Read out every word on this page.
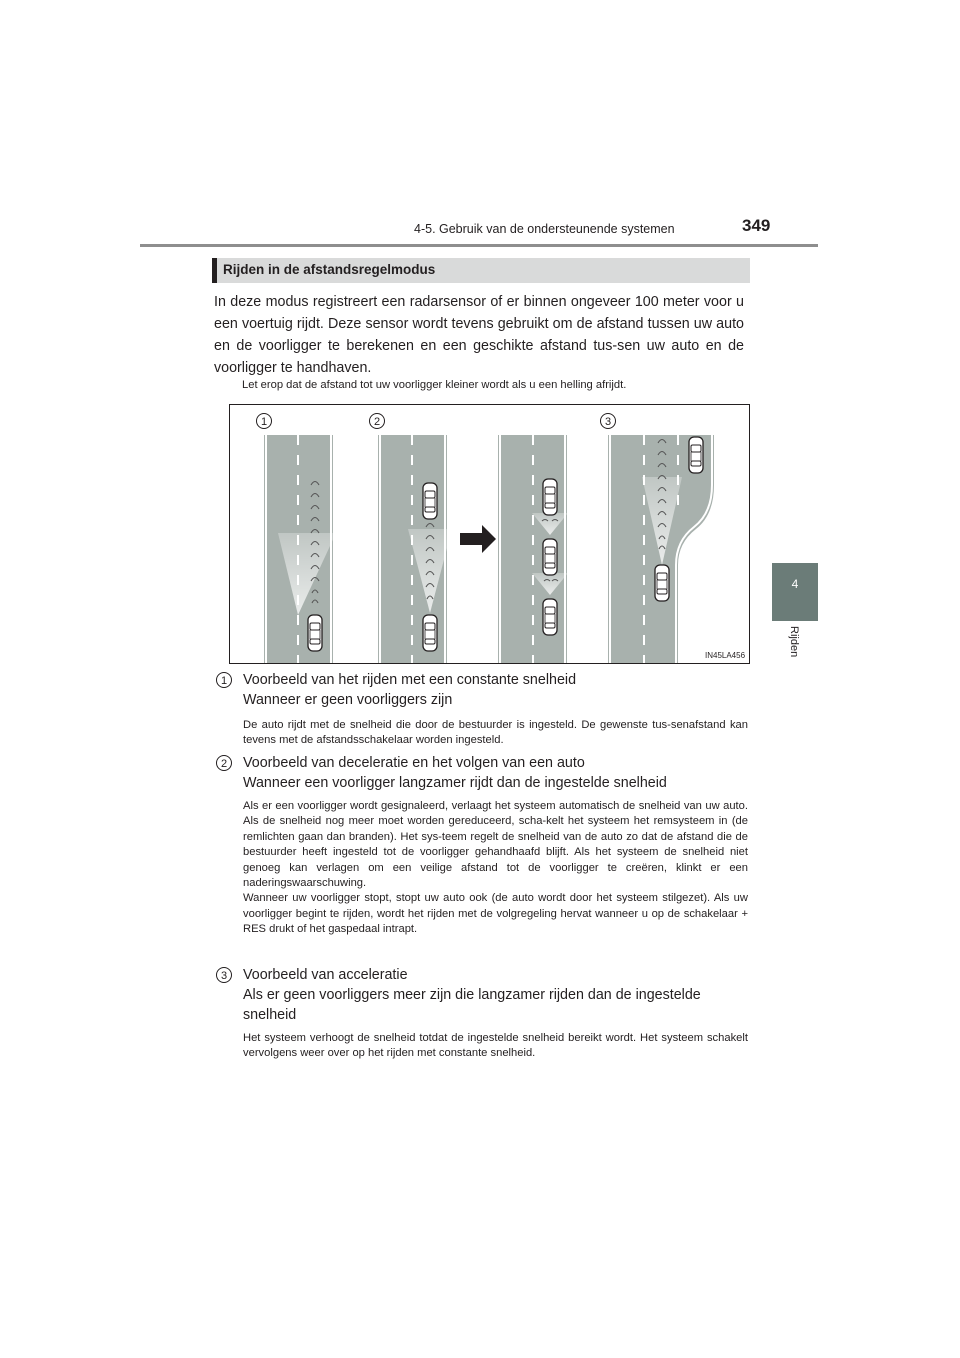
4-5. Gebruik van de ondersteunende systemen	349
4
Rijden
Rijden in de afstandsregelmodus
In deze modus registreert een radarsensor of er binnen ongeveer 100 meter voor u een voertuig rijdt. Deze sensor wordt tevens gebruikt om de afstand tussen uw auto en de voorligger te berekenen en een geschikte afstand tus-sen uw auto en de voorligger te handhaven.
Let erop dat de afstand tot uw voorligger kleiner wordt als u een helling afrijdt.
1	2	3
IN45LA456
1	Voorbeeld van het rijden met een constante snelheid
Wanneer er geen voorliggers zijn
De auto rijdt met de snelheid die door de bestuurder is ingesteld. De gewenste tus-senafstand kan tevens met de afstandsschakelaar worden ingesteld.
2	Voorbeeld van deceleratie en het volgen van een auto
Wanneer een voorligger langzamer rijdt dan de ingestelde snelheid
Als er een voorligger wordt gesignaleerd, verlaagt het systeem automatisch de snelheid van uw auto. Als de snelheid nog meer moet worden gereduceerd, scha-kelt het systeem het remsysteem in (de remlichten gaan dan branden). Het sys-teem regelt de snelheid van de auto zo dat de afstand die de bestuurder heeft ingesteld tot de voorligger gehandhaafd blijft. Als het systeem de snelheid niet genoeg kan verlagen om een veilige afstand tot de voorligger te creëren, klinkt er een naderingswaarschuwing.
Wanneer uw voorligger stopt, stopt uw auto ook (de auto wordt door het systeem stilgezet). Als uw voorligger begint te rijden, wordt het rijden met de volgregeling hervat wanneer u op de schakelaar + RES drukt of het gaspedaal intrapt.
3	Voorbeeld van acceleratie
Als er geen voorliggers meer zijn die langzamer rijden dan de ingestelde snelheid
Het systeem verhoogt de snelheid totdat de ingestelde snelheid bereikt wordt. Het systeem schakelt vervolgens weer over op het rijden met constante snelheid.
